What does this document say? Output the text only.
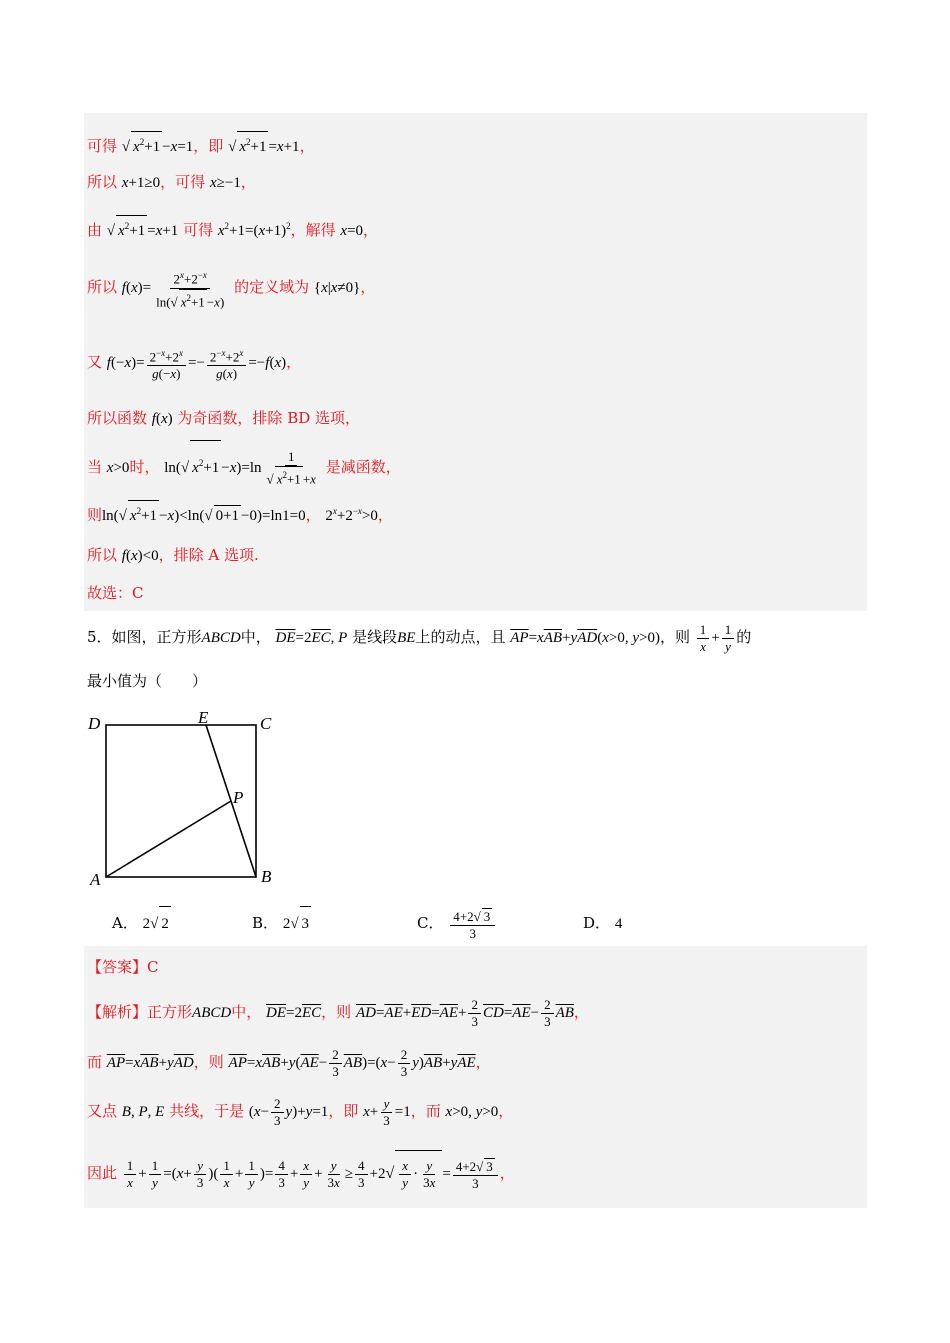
可得 √ $x^2+1 -x=1$，即 √ $x^2+1 =x+1$，
所以 x+1≥0，可得 x≥−1，
由 √ $x^2+1 =x+1$ 可得 $x^2+1=(x+1)^2$，解得 x=0，
所以 $f(x)= \frac{2^x+2^{-x}}{\ln(√ x^2+1 -x)}$ 的定义域为 {x|x≠0}，
又 $f(-x)= \frac{2^{-x}+2^x}{g(-x)} =- \frac{2^{-x}+2^x}{g(x)} =-f(x)$，
所以函数 f(x) 为奇函数，排除 BD 选项，
当 x>0时， ln(√ $x^2+1 -x)=\ln \frac{1}{√ x^2+1 +x}$ 是减函数，
则ln(√ $x^2+1 -x)<\ln(√$ 0+1 −0)=ln1=0， $2^x+2^{-x}>0$，
所以 f(x)<0，排除 A 选项.
故选：C
5．如图，正方形ABCD中， $\overline{DE}=2\overline{EC}$, P 是线段BE上的动点，且 $\overline{AP}=x\overline{AB}+y\overline{AD}(x>0$, y>0)，则 $\frac{1}{x} + \frac{1}{y}$ 的
最小值为（　　）
D	E	C
P
A	B
A． 2√ 2	B． 2√ 3	C． $\frac{4+2√ 3}{3}$	D． 4
【答案】C
【解析】正方形ABCD中， $\overline{DE}=2\overline{EC}$，则 $\overline{AD}=\overline{AE}+\overline{ED}=\overline{AE}+ \frac{2}{3} \overline{CD}=\overline{AE}- \frac{2}{3} \overline{AB}$，
而 $\overline{AP}=x\overline{AB}+y\overline{AD}$，则 $\overline{AP}=x\overline{AB}+y(\overline{AE}- \frac{2}{3} \overline{AB})=(x- \frac{2}{3} y)\overline{AB}+y\overline{AE}$，
又点 B, P, E 共线，于是 $(x- \frac{2}{3} y)+y=1$，即 $x+ \frac{y}{3} =1$，而 x>0, y>0，
因此 $\frac{1}{x} + \frac{1}{y} =(x+ \frac{y}{3}$ )( $\frac{1}{x} + \frac{1}{y}$ )= $\frac{4}{3} + \frac{x}{y} + \frac{y}{3x} \ge \frac{4}{3} +2√ \frac{x}{y} \cdot \frac{y}{3x} = \frac{4+2√ 3}{3}$ ，
